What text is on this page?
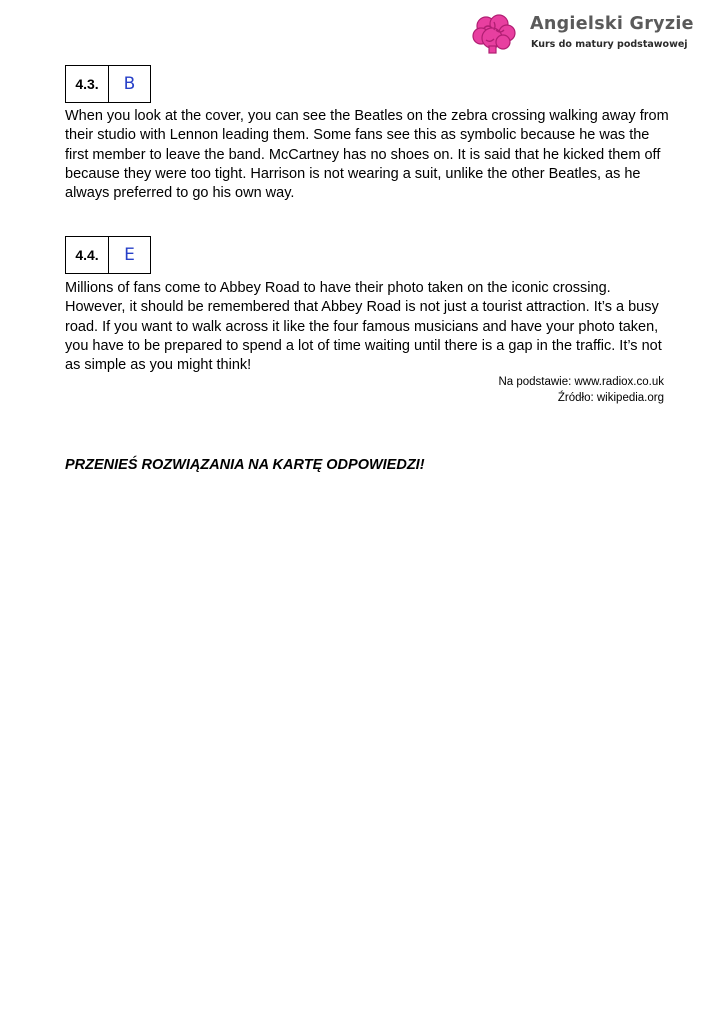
Angielski Gryzie
Kurs do matury podstawowej
4.3.	B

When you look at the cover, you can see the Beatles on the zebra crossing walking away from their studio with Lennon leading them. Some fans see this as symbolic because he was the first member to leave the band. McCartney has no shoes on. It is said that he kicked them off because they were too tight. Harrison is not wearing a suit, unlike the other Beatles, as he always preferred to go his own way.

4.4.	E

Millions of fans come to Abbey Road to have their photo taken on the iconic crossing. However, it should be remembered that Abbey Road is not just a tourist attraction. It’s a busy road. If you want to walk across it like the four famous musicians and have your photo taken, you have to be prepared to spend a lot of time waiting until there is a gap in the traffic. It’s not as simple as you might think!

Na podstawie: www.radiox.co.uk
Źródło: wikipedia.org
PRZENIEŚ ROZWIĄZANIA NA KARTĘ ODPOWIEDZI!
